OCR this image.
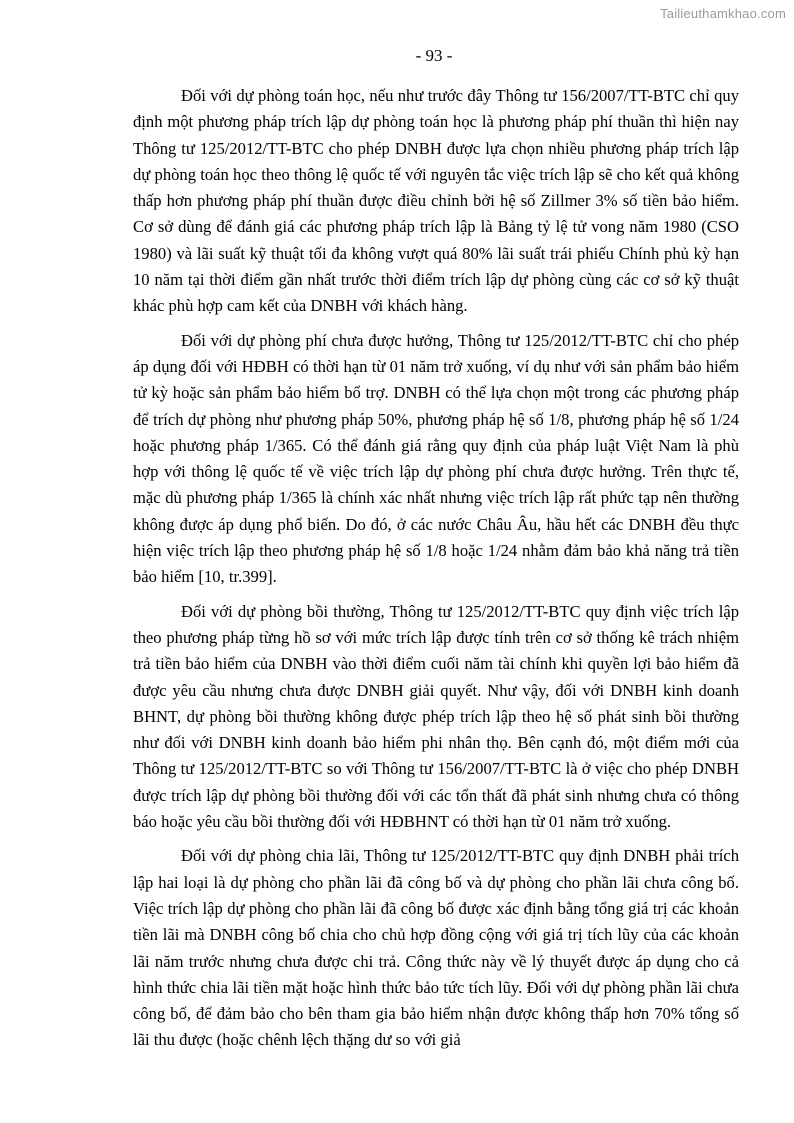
Tailieuthamkhao.com
- 93 -

Đối với dự phòng toán học, nếu như trước đây Thông tư 156/2007/TT-BTC chỉ quy định một phương pháp trích lập dự phòng toán học là phương pháp phí thuần thì hiện nay Thông tư 125/2012/TT-BTC cho phép DNBH được lựa chọn nhiều phương pháp trích lập dự phòng toán học theo thông lệ quốc tế với nguyên tắc việc trích lập sẽ cho kết quả không thấp hơn phương pháp phí thuần được điều chỉnh bởi hệ số Zillmer 3% số tiền bảo hiểm. Cơ sở dùng để đánh giá các phương pháp trích lập là Bảng tỷ lệ tử vong năm 1980 (CSO 1980) và lãi suất kỹ thuật tối đa không vượt quá 80% lãi suất trái phiếu Chính phủ kỳ hạn 10 năm tại thời điểm gần nhất trước thời điểm trích lập dự phòng cùng các cơ sở kỹ thuật khác phù hợp cam kết của DNBH với khách hàng.

Đối với dự phòng phí chưa được hưởng, Thông tư 125/2012/TT-BTC chỉ cho phép áp dụng đối với HĐBH có thời hạn từ 01 năm trở xuống, ví dụ như với sản phẩm bảo hiểm tử kỳ hoặc sản phẩm bảo hiểm bổ trợ. DNBH có thể lựa chọn một trong các phương pháp để trích dự phòng như phương pháp 50%, phương pháp hệ số 1/8, phương pháp hệ số 1/24 hoặc phương pháp 1/365. Có thể đánh giá rằng quy định của pháp luật Việt Nam là phù hợp với thông lệ quốc tế về việc trích lập dự phòng phí chưa được hưởng. Trên thực tế, mặc dù phương pháp 1/365 là chính xác nhất nhưng việc trích lập rất phức tạp nên thường không được áp dụng phổ biến. Do đó, ở các nước Châu Âu, hầu hết các DNBH đều thực hiện việc trích lập theo phương pháp hệ số 1/8 hoặc 1/24 nhằm đảm bảo khả năng trả tiền bảo hiểm [10, tr.399].

Đối với dự phòng bồi thường, Thông tư 125/2012/TT-BTC quy định việc trích lập theo phương pháp từng hồ sơ với mức trích lập được tính trên cơ sở thống kê trách nhiệm trả tiền bảo hiểm của DNBH vào thời điểm cuối năm tài chính khi quyền lợi bảo hiểm đã được yêu cầu nhưng chưa được DNBH giải quyết. Như vậy, đối với DNBH kinh doanh BHNT, dự phòng bồi thường không được phép trích lập theo hệ số phát sinh bồi thường như đối với DNBH kinh doanh bảo hiểm phi nhân thọ. Bên cạnh đó, một điểm mới của Thông tư 125/2012/TT-BTC so với Thông tư 156/2007/TT-BTC là ở việc cho phép DNBH được trích lập dự phòng bồi thường đối với các tổn thất đã phát sinh nhưng chưa có thông báo hoặc yêu cầu bồi thường đối với HĐBHNT có thời hạn từ 01 năm trở xuống.

Đối với dự phòng chia lãi, Thông tư 125/2012/TT-BTC quy định DNBH phải trích lập hai loại là dự phòng cho phần lãi đã công bố và dự phòng cho phần lãi chưa công bố. Việc trích lập dự phòng cho phần lãi đã công bố được xác định bằng tổng giá trị các khoản tiền lãi mà DNBH công bố chia cho chủ hợp đồng cộng với giá trị tích lũy của các khoản lãi năm trước nhưng chưa được chi trả. Công thức này về lý thuyết được áp dụng cho cả hình thức chia lãi tiền mặt hoặc hình thức bảo tức tích lũy. Đối với dự phòng phần lãi chưa công bố, để đảm bảo cho bên tham gia bảo hiểm nhận được không thấp hơn 70% tổng số lãi thu được (hoặc chênh lệch thặng dư so với giả
